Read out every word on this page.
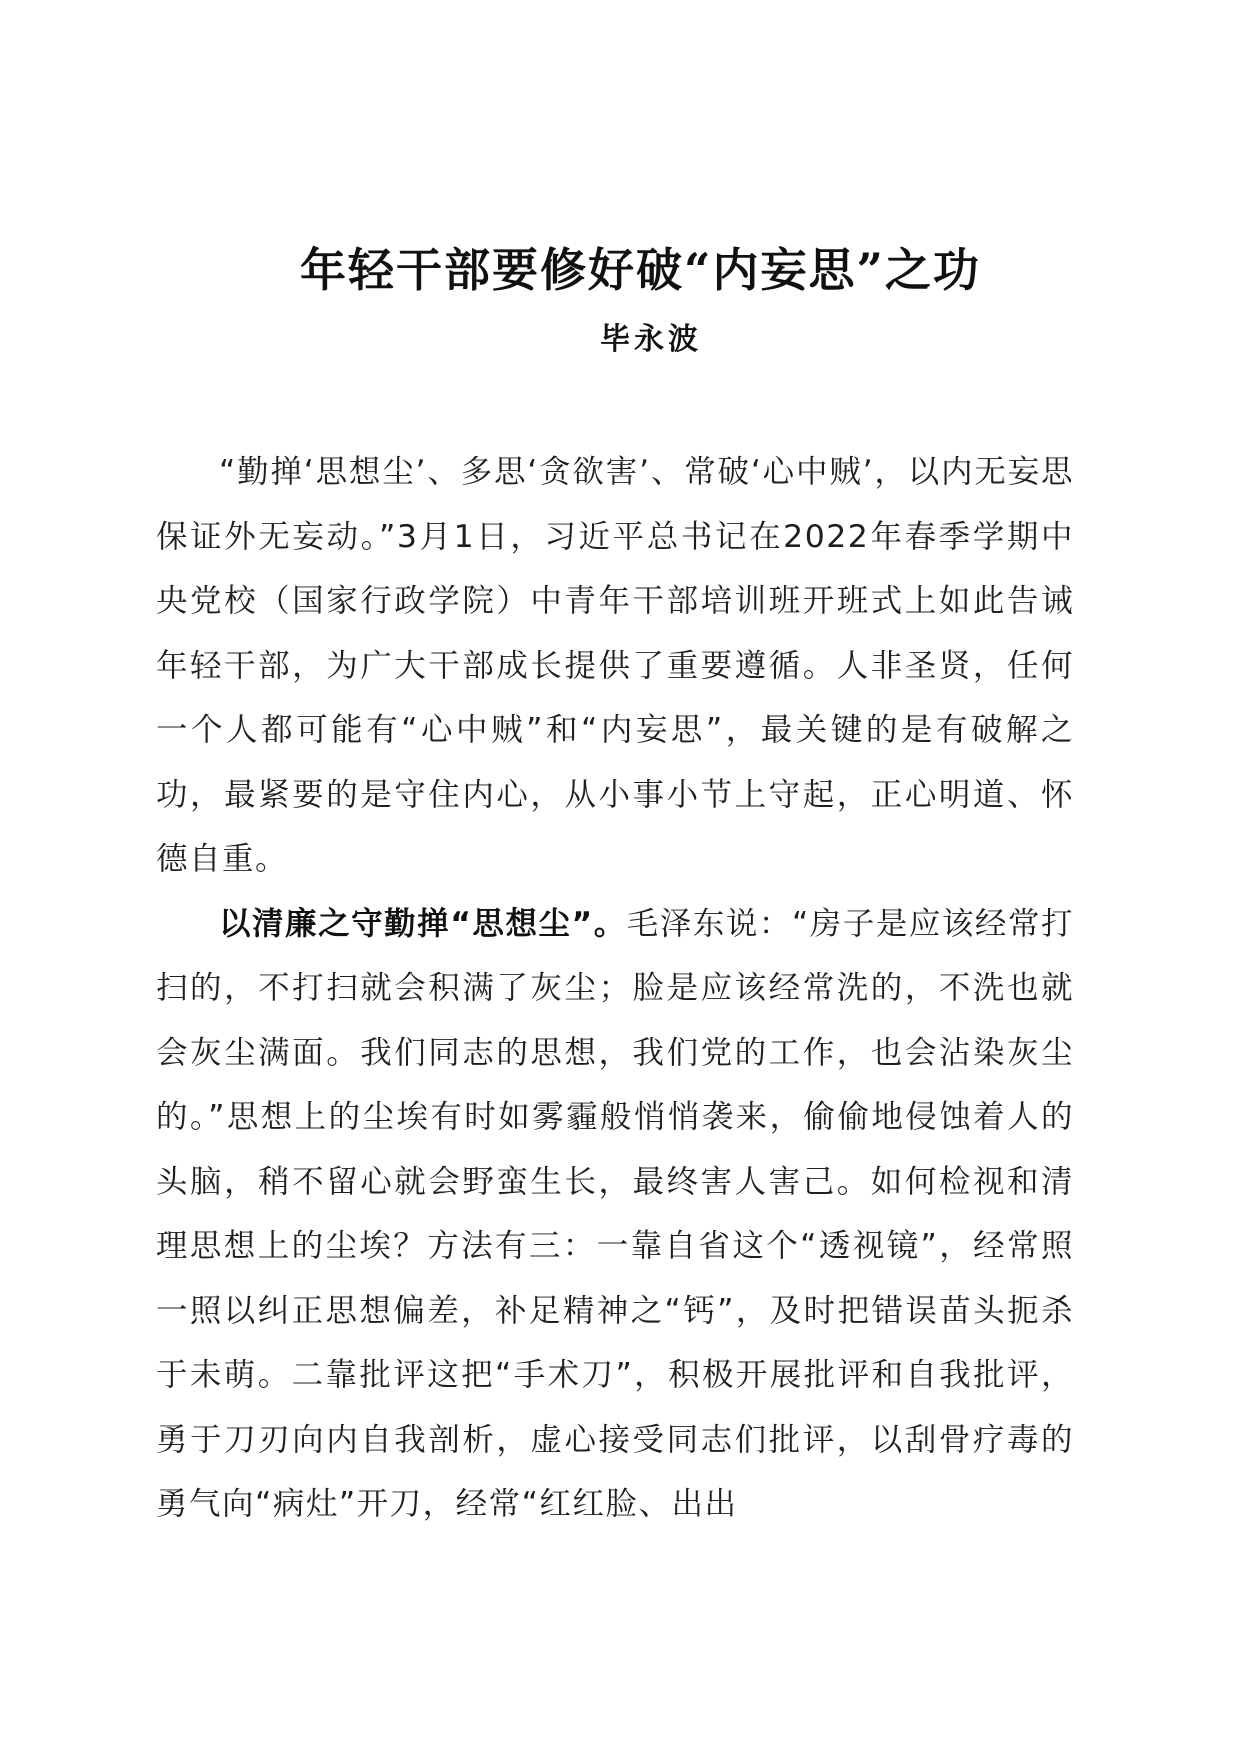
年轻干部要修好破“内妄思”之功
毕永波

“勤掸‘思想尘’、多思‘贪欲害’、常破‘心中贼’，以内无妄思保证外无妄动。”3月1日，习近平总书记在2022年春季学期中央党校（国家行政学院）中青年干部培训班开班式上如此告诫年轻干部，为广大干部成长提供了重要遵循。人非圣贤，任何一个人都可能有“心中贼”和“内妄思”，最关键的是有破解之功，最紧要的是守住内心，从小事小节上守起，正心明道、怀德自重。

以清廉之守勤掸“思想尘”。毛泽东说：“房子是应该经常打扫的，不打扫就会积满了灰尘；脸是应该经常洗的，不洗也就会灰尘满面。我们同志的思想，我们党的工作，也会沾染灰尘的。”思想上的尘埃有时如雾霾般悄悄袭来，偷偷地侵蚀着人的头脑，稍不留心就会野蛮生长，最终害人害己。如何检视和清理思想上的尘埃？方法有三：一靠自省这个“透视镜”，经常照一照以纠正思想偏差，补足精神之“钙”，及时把错误苗头扼杀于未萌。二靠批评这把“手术刀”，积极开展批评和自我批评，勇于刀刃向内自我剖析，虚心接受同志们批评，以刮骨疗毒的勇气向“病灶”开刀，经常“红红脸、出出
